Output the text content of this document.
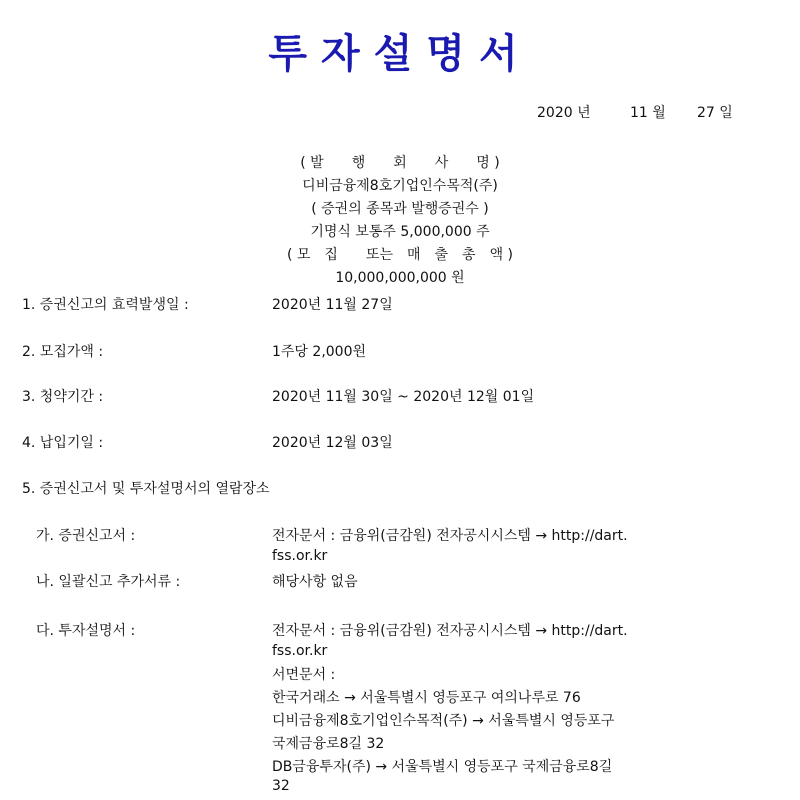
투자설명서
2020 년	11 월 27 일
( 발　　행　　회　　사　　명 )
디비금융제8호기업인수목적(주)
( 증권의 종목과 발행증권수 )
기명식 보통주 5,000,000 주
( 모　집　　또는　매　출　총　액 )
10,000,000,000 원
1. 증권신고의 효력발생일 :	2020년 11월 27일
2. 모집가액 :	1주당 2,000원
3. 청약기간 :	2020년 11월 30일 ~ 2020년 12월 01일
4. 납입기일 :	2020년 12월 03일
5. 증권신고서 및 투자설명서의 열람장소
가. 증권신고서 :	전자문서 : 금융위(금감원) 전자공시시스템 → http://dart.
fss.or.kr
나. 일괄신고 추가서류 :	해당사항 없음
다. 투자설명서 :	전자문서 : 금융위(금감원) 전자공시시스템 → http://dart.
fss.or.kr
서면문서 :
한국거래소 → 서울특별시 영등포구 여의나루로 76
디비금융제8호기업인수목적(주) → 서울특별시 영등포구
국제금융로8길 32
DB금융투자(주) → 서울특별시 영등포구 국제금융로8길
32
